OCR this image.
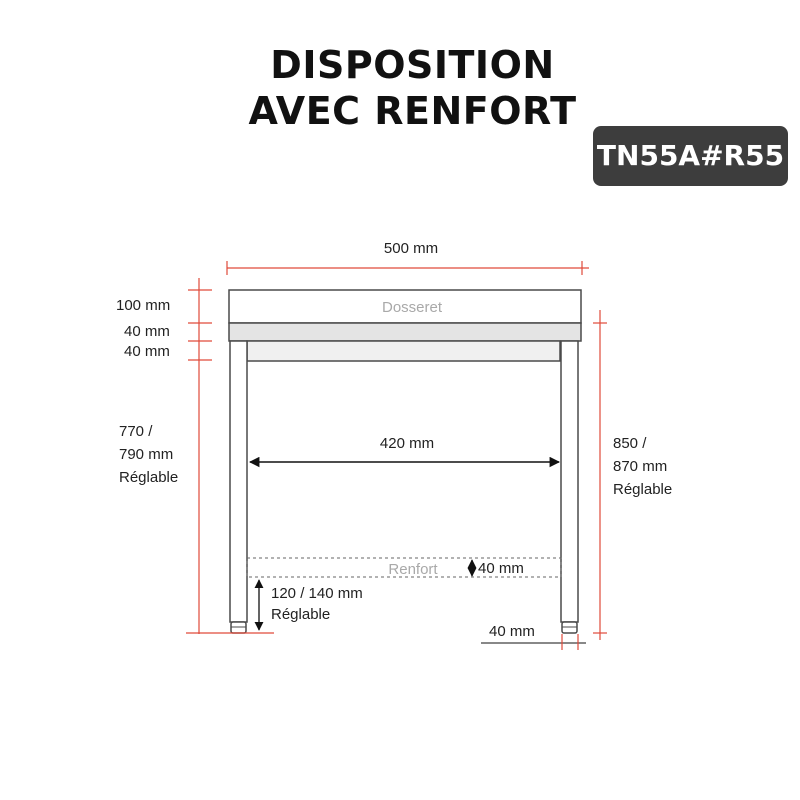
DISPOSITION
AVEC RENFORT
TN55A#R55
Dosseret
Renfort
500 mm
420 mm
100 mm
40 mm
40 mm
770 / 790 mm Réglable
850 / 870 mm Réglable
40 mm
120 / 140 mm Réglable
40 mm
